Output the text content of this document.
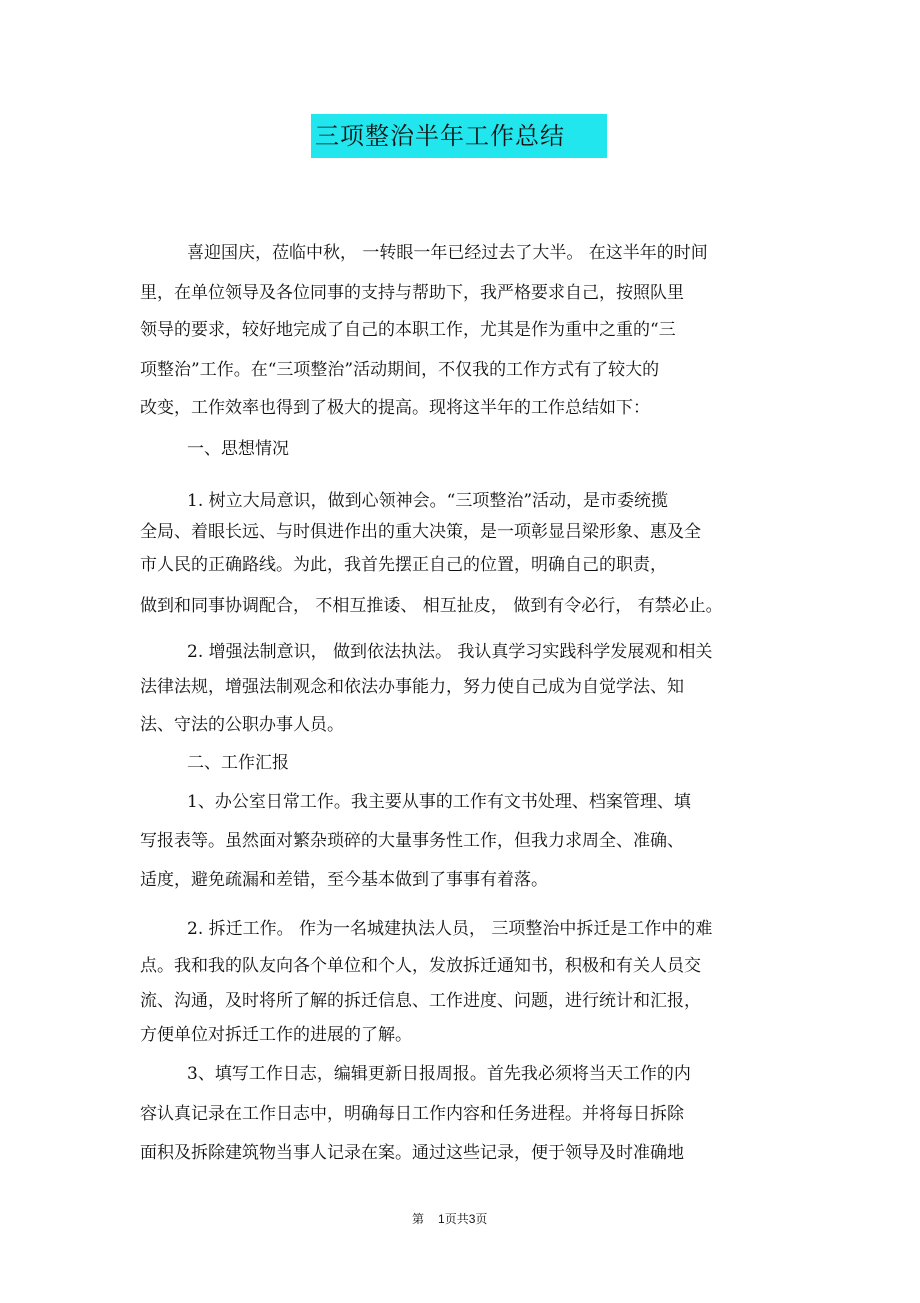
三项整治半年工作总结
喜迎国庆，莅临中秋， 一转眼一年已经过去了大半。 在这半年的时间
里，在单位领导及各位同事的支持与帮助下，我严格要求自己，按照队里
领导的要求，较好地完成了自己的本职工作，尤其是作为重中之重的“三
项整治”工作。在“三项整治”活动期间，不仅我的工作方式有了较大的
改变，工作效率也得到了极大的提高。现将这半年的工作总结如下：
一、思想情况
1. 树立大局意识，做到心领神会。“三项整治”活动，是市委统揽
全局、着眼长远、与时俱进作出的重大决策，是一项彰显吕梁形象、惠及全
市人民的正确路线。为此，我首先摆正自己的位置，明确自己的职责，
做到和同事协调配合， 不相互推诿、 相互扯皮， 做到有令必行， 有禁必止。
2. 增强法制意识， 做到依法执法。 我认真学习实践科学发展观和相关
法律法规，增强法制观念和依法办事能力，努力使自己成为自觉学法、知
法、守法的公职办事人员。
二、工作汇报
1、办公室日常工作。我主要从事的工作有文书处理、档案管理、填
写报表等。虽然面对繁杂琐碎的大量事务性工作，但我力求周全、准确、
适度，避免疏漏和差错，至今基本做到了事事有着落。
2. 拆迁工作。 作为一名城建执法人员， 三项整治中拆迁是工作中的难
点。我和我的队友向各个单位和个人，发放拆迁通知书，积极和有关人员交
流、沟通，及时将所了解的拆迁信息、工作进度、问题，进行统计和汇报，
方便单位对拆迁工作的进展的了解。
3、填写工作日志，编辑更新日报周报。首先我必须将当天工作的内
容认真记录在工作日志中，明确每日工作内容和任务进程。并将每日拆除
面积及拆除建筑物当事人记录在案。通过这些记录，便于领导及时准确地
第 1页共3页
